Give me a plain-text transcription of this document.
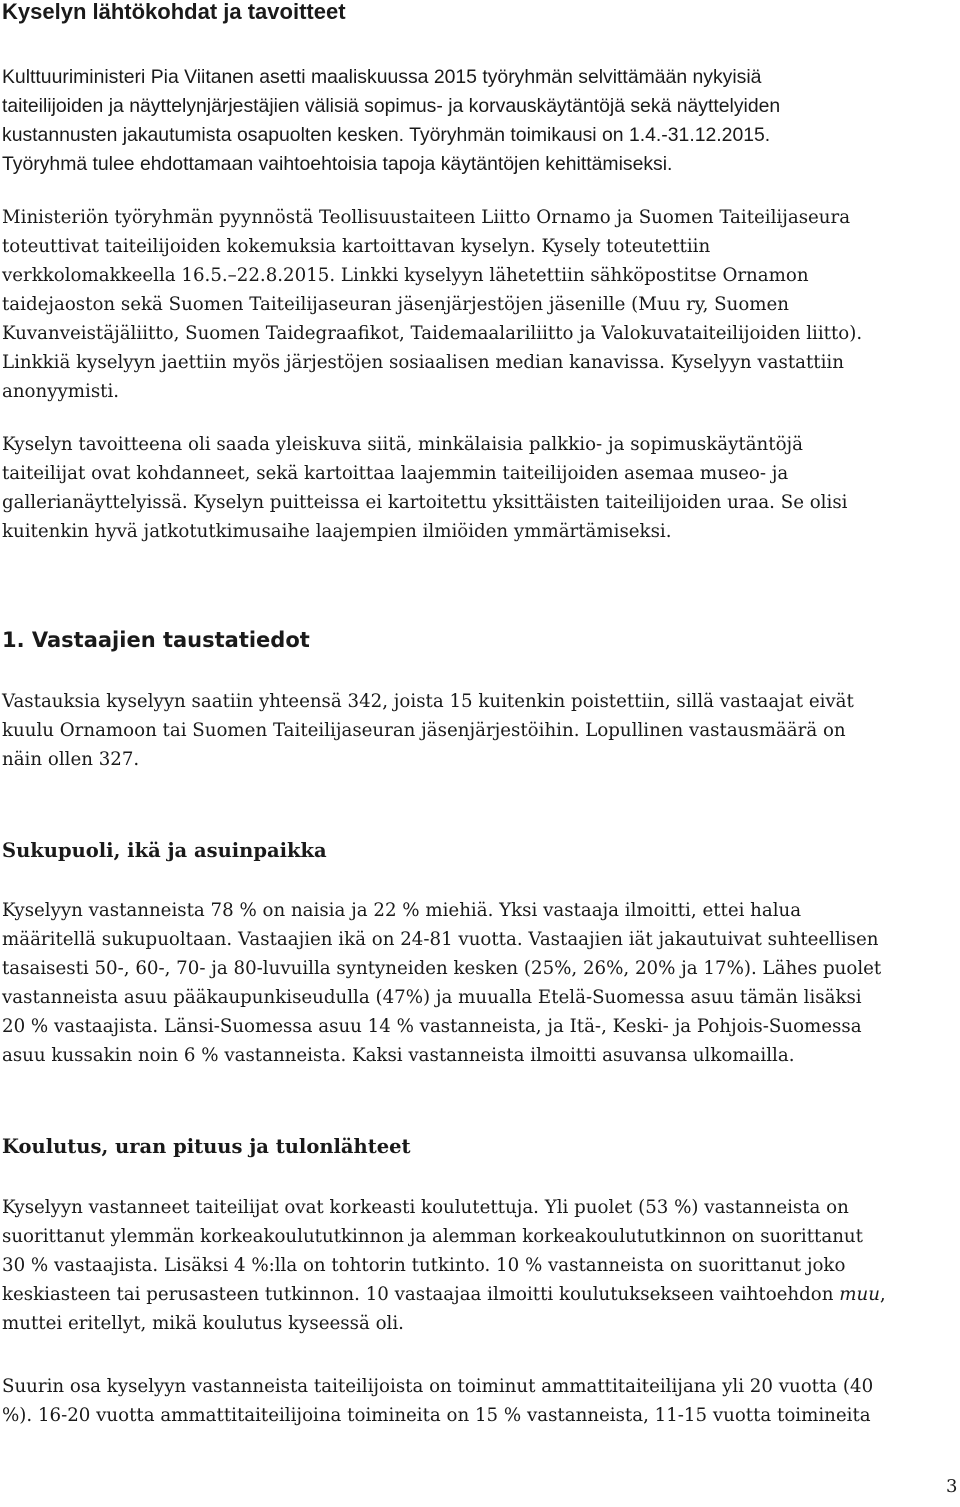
Kyselyn lähtökohdat ja tavoitteet
Kulttuuriministeri Pia Viitanen asetti maaliskuussa 2015 työryhmän selvittämään nykyisiä
taiteilijoiden ja näyttelynjärjestäjien välisiä sopimus- ja korvauskäytäntöjä sekä näyttelyiden
kustannusten jakautumista osapuolten kesken. Työryhmän toimikausi on 1.4.-31.12.2015.
Työryhmä tulee ehdottamaan vaihtoehtoisia tapoja käytäntöjen kehittämiseksi.
Ministeriön työryhmän pyynnöstä Teollisuustaiteen Liitto Ornamo ja Suomen Taiteilijaseura
toteuttivat taiteilijoiden kokemuksia kartoittavan kyselyn. Kysely toteutettiin
verkkolomakkeella 16.5.–22.8.2015. Linkki kyselyyn lähetettiin sähköpostitse Ornamon
taidejaoston sekä Suomen Taiteilijaseuran jäsenjärjestöjen jäsenille (Muu ry, Suomen
Kuvanveistäjäliitto, Suomen Taidegraafikot, Taidemaalariliitto ja Valokuvataiteilijoiden liitto).
Linkkiä kyselyyn jaettiin myös järjestöjen sosiaalisen median kanavissa. Kyselyyn vastattiin
anonyymisti.
Kyselyn tavoitteena oli saada yleiskuva siitä, minkälaisia palkkio- ja sopimuskäytäntöjä
taiteilijat ovat kohdanneet, sekä kartoittaa laajemmin taiteilijoiden asemaa museo- ja
gallerianäyttelyissä. Kyselyn puitteissa ei kartoitettu yksittäisten taiteilijoiden uraa. Se olisi
kuitenkin hyvä jatkotutkimusaihe laajempien ilmiöiden ymmärtämiseksi.
1. Vastaajien taustatiedot
Vastauksia kyselyyn saatiin yhteensä 342, joista 15 kuitenkin poistettiin, sillä vastaajat eivät
kuulu Ornamoon tai Suomen Taiteilijaseuran jäsenjärjestöihin. Lopullinen vastausmäärä on
näin ollen 327.
Sukupuoli, ikä ja asuinpaikka
Kyselyyn vastanneista 78 % on naisia ja 22 % miehiä. Yksi vastaaja ilmoitti, ettei halua
määritellä sukupuoltaan. Vastaajien ikä on 24-81 vuotta. Vastaajien iät jakautuivat suhteellisen
tasaisesti 50-, 60-, 70- ja 80-luvuilla syntyneiden kesken (25%, 26%, 20% ja 17%). Lähes puolet
vastanneista asuu pääkaupunkiseudulla (47%) ja muualla Etelä-Suomessa asuu tämän lisäksi
20 % vastaajista. Länsi-Suomessa asuu 14 % vastanneista, ja Itä-, Keski- ja Pohjois-Suomessa
asuu kussakin noin 6 % vastanneista. Kaksi vastanneista ilmoitti asuvansa ulkomailla.
Koulutus, uran pituus ja tulonlähteet
Kyselyyn vastanneet taiteilijat ovat korkeasti koulutettuja. Yli puolet (53 %) vastanneista on
suorittanut ylemmän korkeakoulututkinnon ja alemman korkeakoulututkinnon on suorittanut
30 % vastaajista. Lisäksi 4 %:lla on tohtorin tutkinto. 10 % vastanneista on suorittanut joko
keskiasteen tai perusasteen tutkinnon. 10 vastaajaa ilmoitti koulutuksekseen vaihtoehdon muu,
muttei eritellyt, mikä koulutus kyseessä oli.
Suurin osa kyselyyn vastanneista taiteilijoista on toiminut ammattitaiteilijana yli 20 vuotta (40
%). 16-20 vuotta ammattitaiteilijoina toimineita on 15 % vastanneista, 11-15 vuotta toimineita
3
